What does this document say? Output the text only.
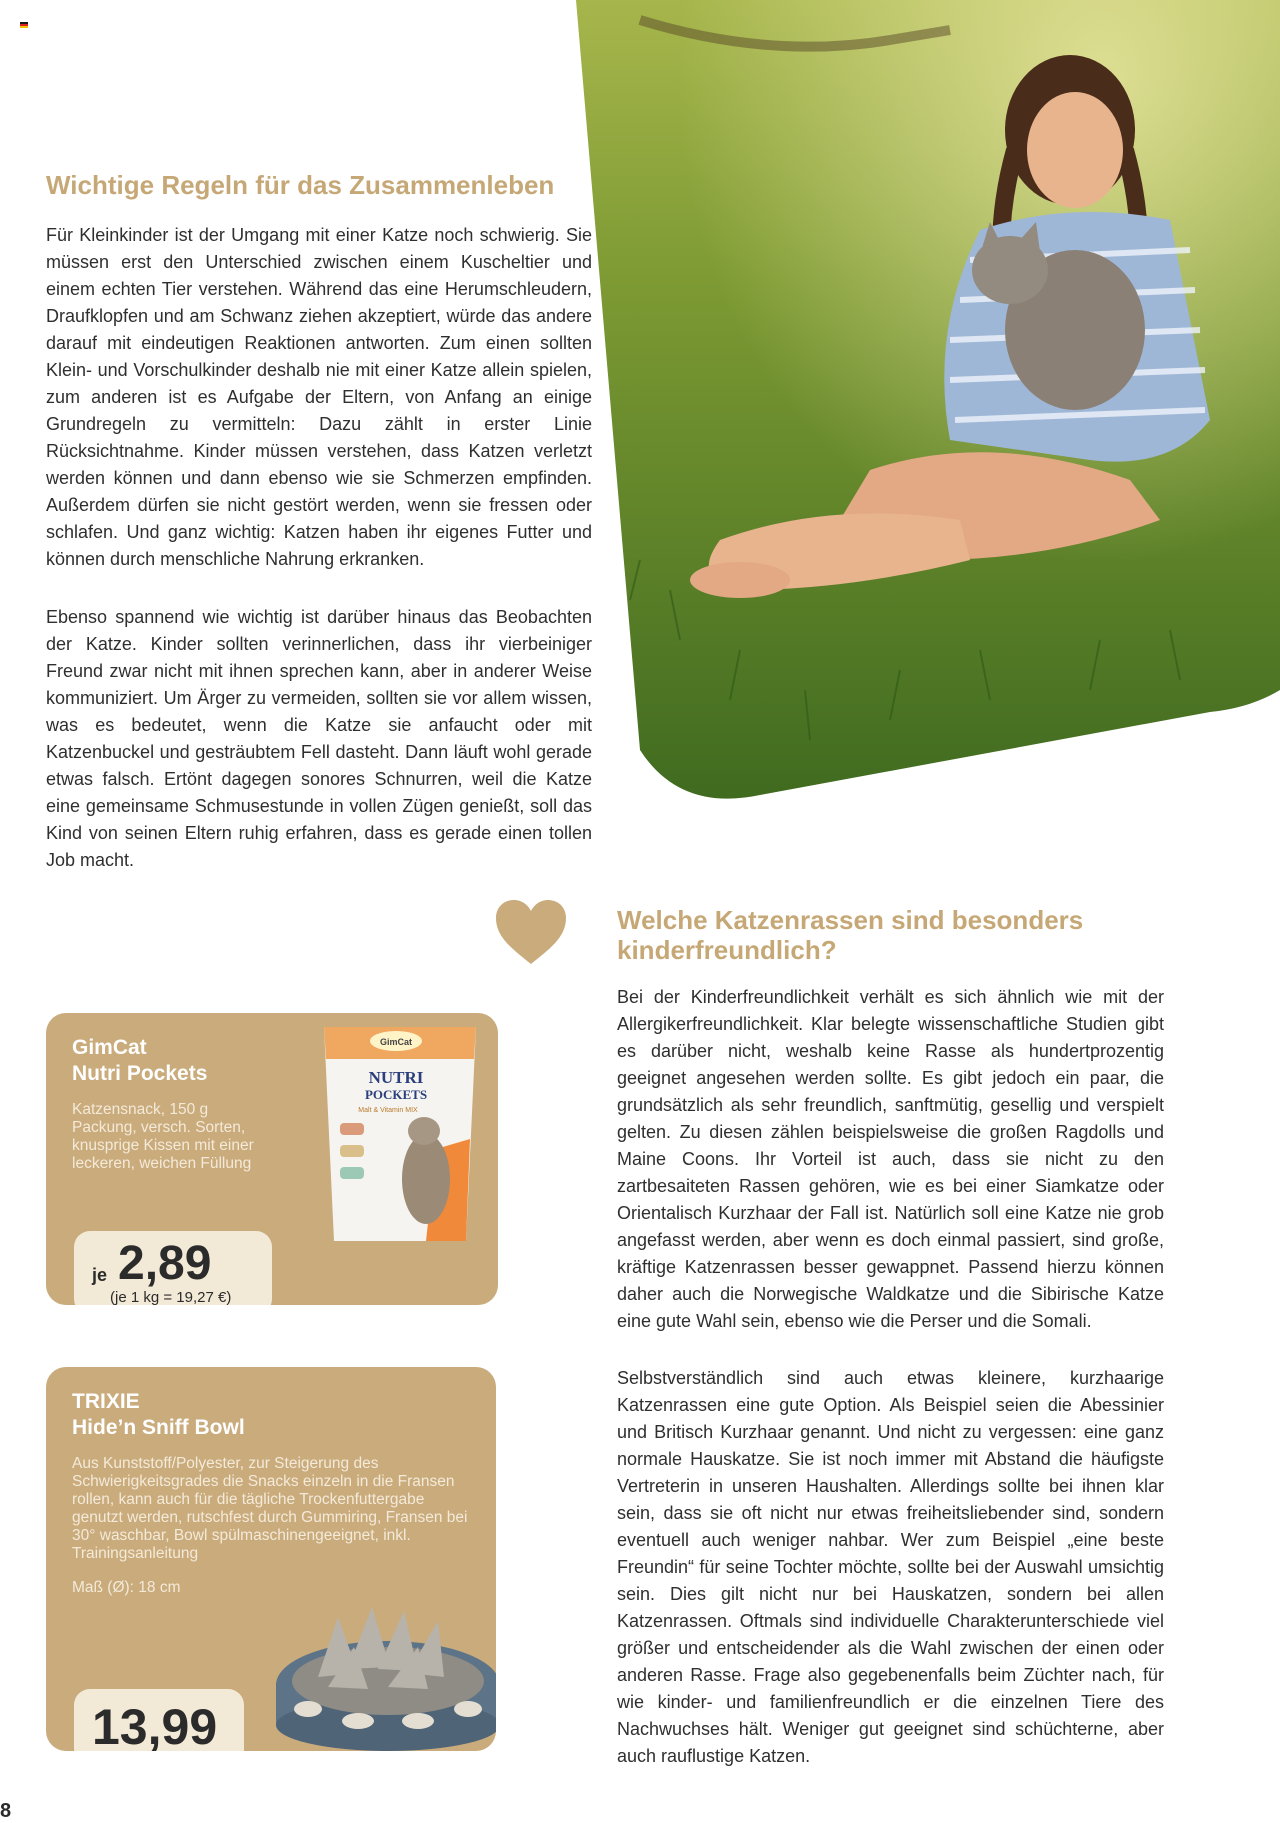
Wichtige Regeln für das Zusammenleben

Für Kleinkinder ist der Umgang mit einer Katze noch schwierig. Sie müssen erst den Unterschied zwischen einem Kuscheltier und einem echten Tier verstehen. Während das eine Herumschleudern, Draufklopfen und am Schwanz ziehen akzeptiert, würde das andere darauf mit eindeutigen Reaktionen antworten. Zum einen sollten Klein- und Vorschulkinder deshalb nie mit einer Katze allein spielen, zum anderen ist es Aufgabe der Eltern, von Anfang an einige Grundregeln zu vermitteln: Dazu zählt in erster Linie Rücksichtnahme. Kinder müssen verstehen, dass Katzen verletzt werden können und dann ebenso wie sie Schmerzen empfinden. Außerdem dürfen sie nicht gestört werden, wenn sie fressen oder schlafen. Und ganz wichtig: Katzen haben ihr eigenes Futter und können durch menschliche Nahrung erkranken.

Ebenso spannend wie wichtig ist darüber hinaus das Beobachten der Katze. Kinder sollten verinnerlichen, dass ihr vierbeiniger Freund zwar nicht mit ihnen sprechen kann, aber in anderer Weise kommuniziert. Um Ärger zu vermeiden, sollten sie vor allem wissen, was es bedeutet, wenn die Katze sie anfaucht oder mit Katzenbuckel und gesträubtem Fell dasteht. Dann läuft wohl gerade etwas falsch. Ertönt dagegen sonores Schnurren, weil die Katze eine gemeinsame Schmusestunde in vollen Zügen genießt, soll das Kind von seinen Eltern ruhig erfahren, dass es gerade einen tollen Job macht.

Welche Katzenrassen sind besonders kinderfreundlich?

Bei der Kinderfreundlichkeit verhält es sich ähnlich wie mit der Allergikerfreundlichkeit. Klar belegte wissenschaftliche Studien gibt es darüber nicht, weshalb keine Rasse als hundertprozentig geeignet angesehen werden sollte. Es gibt jedoch ein paar, die grundsätzlich als sehr freundlich, sanftmütig, gesellig und verspielt gelten. Zu diesen zählen beispielsweise die großen Ragdolls und Maine Coons. Ihr Vorteil ist auch, dass sie nicht zu den zartbesaiteten Rassen gehören, wie es bei einer Siamkatze oder Orientalisch Kurzhaar der Fall ist. Natürlich soll eine Katze nie grob angefasst werden, aber wenn es doch einmal passiert, sind große, kräftige Katzenrassen besser gewappnet. Passend hierzu können daher auch die Norwegische Waldkatze und die Sibirische Katze eine gute Wahl sein, ebenso wie die Perser und die Somali.

Selbstverständlich sind auch etwas kleinere, kurzhaarige Katzenrassen eine gute Option. Als Beispiel seien die Abessinier und Britisch Kurzhaar genannt. Und nicht zu vergessen: eine ganz normale Hauskatze. Sie ist noch immer mit Abstand die häufigste Vertreterin in unseren Haushalten. Allerdings sollte bei ihnen klar sein, dass sie oft nicht nur etwas freiheitsliebender sind, sondern eventuell auch weniger nahbar. Wer zum Beispiel „eine beste Freundin“ für seine Tochter möchte, sollte bei der Auswahl umsichtig sein. Dies gilt nicht nur bei Hauskatzen, sondern bei allen Katzenrassen. Oftmals sind individuelle Charakterunterschiede viel größer und entscheidender als die Wahl zwischen der einen oder anderen Rasse. Frage also gegebenenfalls beim Züchter nach, für wie kinder- und familienfreundlich er die einzelnen Tiere des Nachwuchses hält. Weniger gut geeignet sind schüchterne, aber auch rauflustige Katzen.

GimCat
Nutri Pockets

Katzensnack, 150 g Packung, versch. Sorten, knusprige Kissen mit einer leckeren, weichen Füllung

GimCat
NUTRI
POCKETS
Malt & Vitamin MIX
je 2,89
(je 1 kg = 19,27 €)
TRIXIE
Hide’n Sniff Bowl

Aus Kunststoff/Polyester, zur Steigerung des Schwierigkeitsgrades die Snacks einzeln in die Fransen rollen, kann auch für die tägliche Trockenfuttergabe genutzt werden, rutschfest durch Gummiring, Fransen bei 30° waschbar, Bowl spülmaschinengeeignet, inkl. Trainingsanleitung

Maß (Ø): 18 cm

13,99
8
